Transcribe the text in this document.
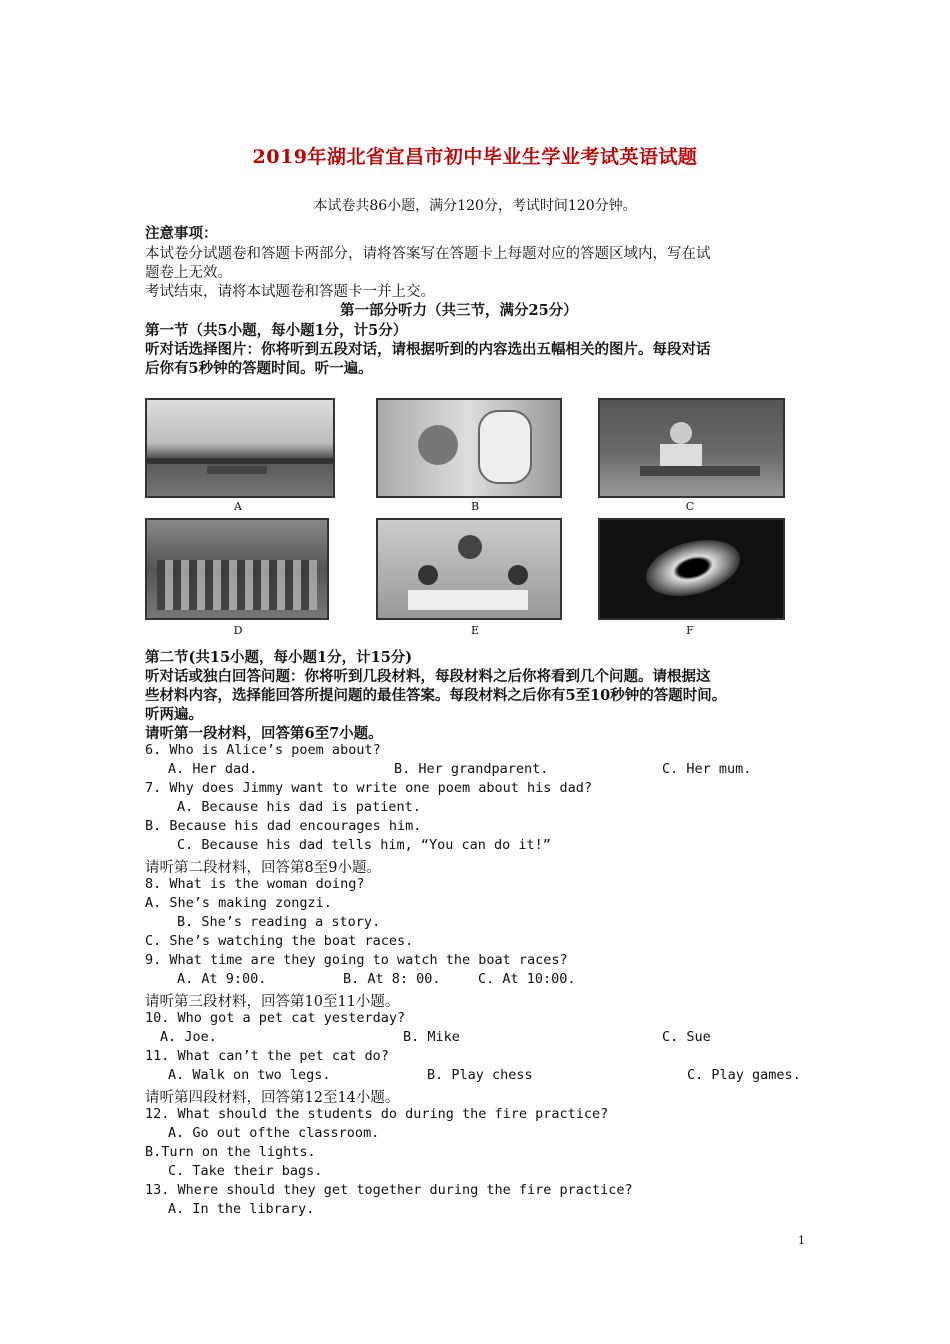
2019年湖北省宜昌市初中毕业生学业考试英语试题
本试卷共86小题，满分120分，考试时间120分钟。
注意事项：
本试卷分试题卷和答题卡两部分，请将答案写在答题卡上每题对应的答题区域内，写在试
题卷上无效。
考试结束，请将本试题卷和答题卡一并上交。
第一部分听力（共三节，满分25分）
第一节（共5小题，每小题1分，计5分）
听对话选择图片：你将听到五段对话，请根据听到的内容选出五幅相关的图片。每段对话
后你有5秒钟的答题时间。听一遍。
A	B	C
D	E	F
第二节(共15小题，每小题1分，计15分)
听对话或独白回答问题：你将听到几段材料，每段材料之后你将看到几个问题。请根据这
些材料内容，选择能回答所提问题的最佳答案。每段材料之后你有5至10秒钟的答题时间。
听两遍。
请听第一段材料，回答第6至7小题。
6. Who is Alice’s poem about?
A. Her dad.	B. Her grandparent.	C. Her mum.
7. Why does Jimmy want to write one poem about his dad?
A. Because his dad is patient.
B. Because his dad encourages him.
C. Because his dad tells him, “You can do it!”
请听第二段材料，回答第8至9小题。
8. What is the woman doing?
A. She’s making zongzi.
B. She’s reading a story.
C. She’s watching the boat races.
9. What time are they going to watch the boat races?
A. At 9:00.	B. At 8: 00.	C. At 10:00.
请听第三段材料，回答第10至11小题。
10. Who got a pet cat yesterday?
A. Joe.	B. Mike	C. Sue
11. What can’t the pet cat do?
A. Walk on two legs.	B. Play chess	C. Play games.
请听第四段材料，回答第12至14小题。
12. What should the students do during the fire practice?
A. Go out ofthe classroom.
B.Turn on the lights.
C. Take their bags.
13. Where should they get together during the fire practice?
A. In the library.
1
